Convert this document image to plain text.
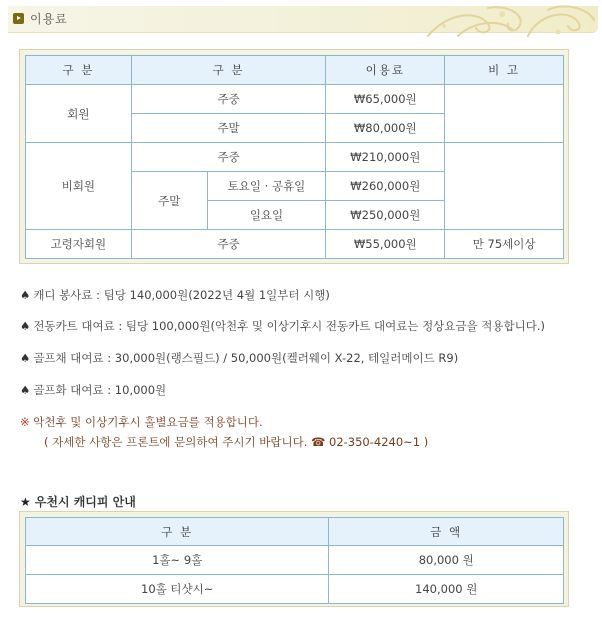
이용료
구 분	구 분		이용료	비 고
회원	주중		₩65,000원	
	주말		₩80,000원	
비회원	주중		₩210,000원	
	주말	토요일 · 공휴일	₩260,000원	
		일요일	₩250,000원	
고령자회원	주중		₩55,000원	만 75세이상
♠ 캐디 봉사료 : 팀당 140,000원(2022년 4월 1일부터 시행)
♠ 전동카트 대여료 : 팀당 100,000원(악천후 및 이상기후시 전동카트 대여료는 정상요금을 적용합니다.)
♠ 골프채 대여료 : 30,000원(랭스필드) / 50,000원(켈러웨이 X-22, 테일러메이드 R9)
♠ 골프화 대여료 : 10,000원
※ 악천후 및 이상기후시 홀별요금를 적용합니다.
( 자세한 사항은 프론트에 문의하여 주시기 바랍니다. ☎ 02-350-4240~1 )
★ 우천시 캐디피 안내
구 분	금 액
1홀~ 9홀	80,000 원
10홀 티샷시~	140,000 원
